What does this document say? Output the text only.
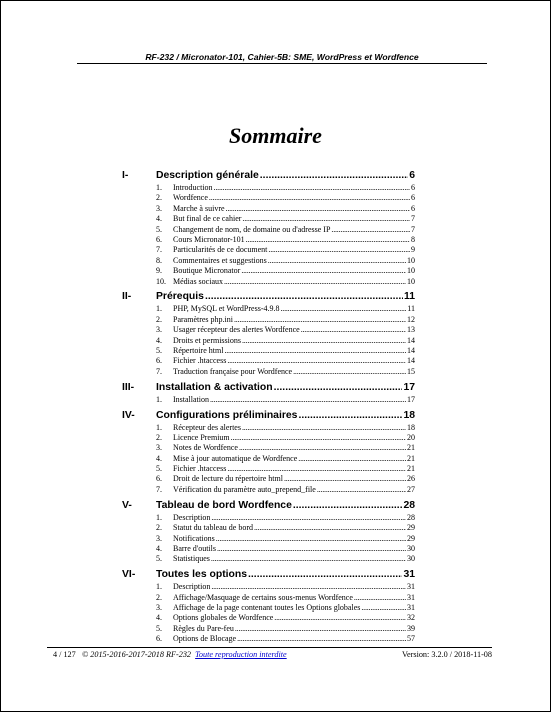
RF-232 / Micronator-101, Cahier-5B: SME, WordPress et Wordfence
Sommaire
I-	Description générale .....	6
1.	Introduction .....	6
2.	Wordfence .....	6
3.	Marche à suivre .....	6
4.	But final de ce cahier .....	7
5.	Changement de nom, de domaine ou d'adresse IP .....	7
6.	Cours Micronator-101 .....	8
7.	Particularités de ce document .....	9
8.	Commentaires et suggestions .....	10
9.	Boutique Micronator .....	10
10. Médias sociaux .....	10
II-	Prérequis .....	11
1.	PHP, MySQL et WordPress-4.9.8 .....	11
2.	Paramètres php.ini .....	12
3.	Usager récepteur des alertes Wordfence .....	13
4.	Droits et permissions .....	14
5.	Répertoire html .....	14
6.	Fichier .htaccess .....	14
7.	Traduction française pour Wordfence .....	15
III-	Installation & activation .....	17
1.	Installation .....	17
IV-	Configurations préliminaires .....	18
1.	Récepteur des alertes .....	18
2.	Licence Premium .....	20
3.	Notes de Wordfence .....	21
4.	Mise à jour automatique de Wordfence .....	21
5.	Fichier .htaccess .....	21
6.	Droit de lecture du répertoire html .....	26
7.	Vérification du paramètre auto_prepend_file .....	27
V-	Tableau de bord Wordfence .....	28
1.	Description .....	28
2.	Statut du tableau de bord .....	29
3.	Notifications .....	29
4.	Barre d'outils .....	30
5.	Statistiques .....	30
VI-	Toutes les options .....	31
1.	Description .....	31
2.	Affichage/Masquage de certains sous-menus Wordfence .....	31
3.	Affichage de la page contenant toutes les Options globales .....	31
4.	Options globales de Wordfence .....	32
5.	Règles du Pare-feu .....	39
6.	Options de Blocage .....	57
4 / 127 © 2015-2016-2017-2018 RF-232 Toute reproduction interdite	Version: 3.2.0 / 2018-11-08
